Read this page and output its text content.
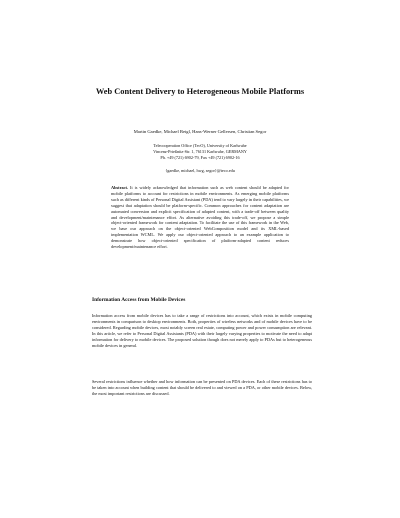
Web Content Delivery to Heterogeneous Mobile Platforms
Martin Gaedke, Michael Beigl, Hans-Werner Gellersen, Christian Segor
Telecooperation Office (TecO), University of Karlsruhe
Vincenz-Prießnitz-Str. 1, 76131 Karlsruhe, GERMANY
Ph. +49 (721) 6902-79, Fax +49 (721) 6902-16
{gaedke, michael, hwg, segor}@teco.edu
Abstract. It is widely acknowledged that information such as web content should be adapted for mobile platforms to account for restrictions in mobile environments. As emerging mobile platforms such as different kinds of Personal Digital Assistant (PDA) tend to vary largely in their capabilities, we suggest that adaptation should be platform-specific. Common approaches for content adaptation are automated conversion and explicit specification of adapted content, with a trade-off between quality and development/maintenance effort. As alternative avoiding this trade-off, we propose a simple object-oriented framework for content adaptation. To facilitate the use of this framework in the Web, we base our approach on the object-oriented WebComposition model and its XML-based implementation WCML. We apply our object-oriented approach to an example application to demonstrate how object-oriented specification of platform-adapted content reduces development/maintenance effort.
Information Access from Mobile Devices
Information access from mobile devices has to take a range of restrictions into account, which exists in mobile computing environments in comparison to desktop environments. Both, properties of wireless networks and of mobile devices have to be considered. Regarding mobile devices, most notably screen real estate, computing power and power consumption are relevant. In this article, we refer to Personal Digital Assistants (PDA) with their largely varying properties to motivate the need to adapt information for delivery to mobile devices. The proposed solution though does not merely apply to PDAs but to heterogeneous mobile devices in general.
Several restrictions influence whether and how information can be presented on PDA devices. Each of these restrictions has to be taken into account when building content that should be delivered to and viewed on a PDA, or other mobile devices. Below, the most important restrictions are discussed.
